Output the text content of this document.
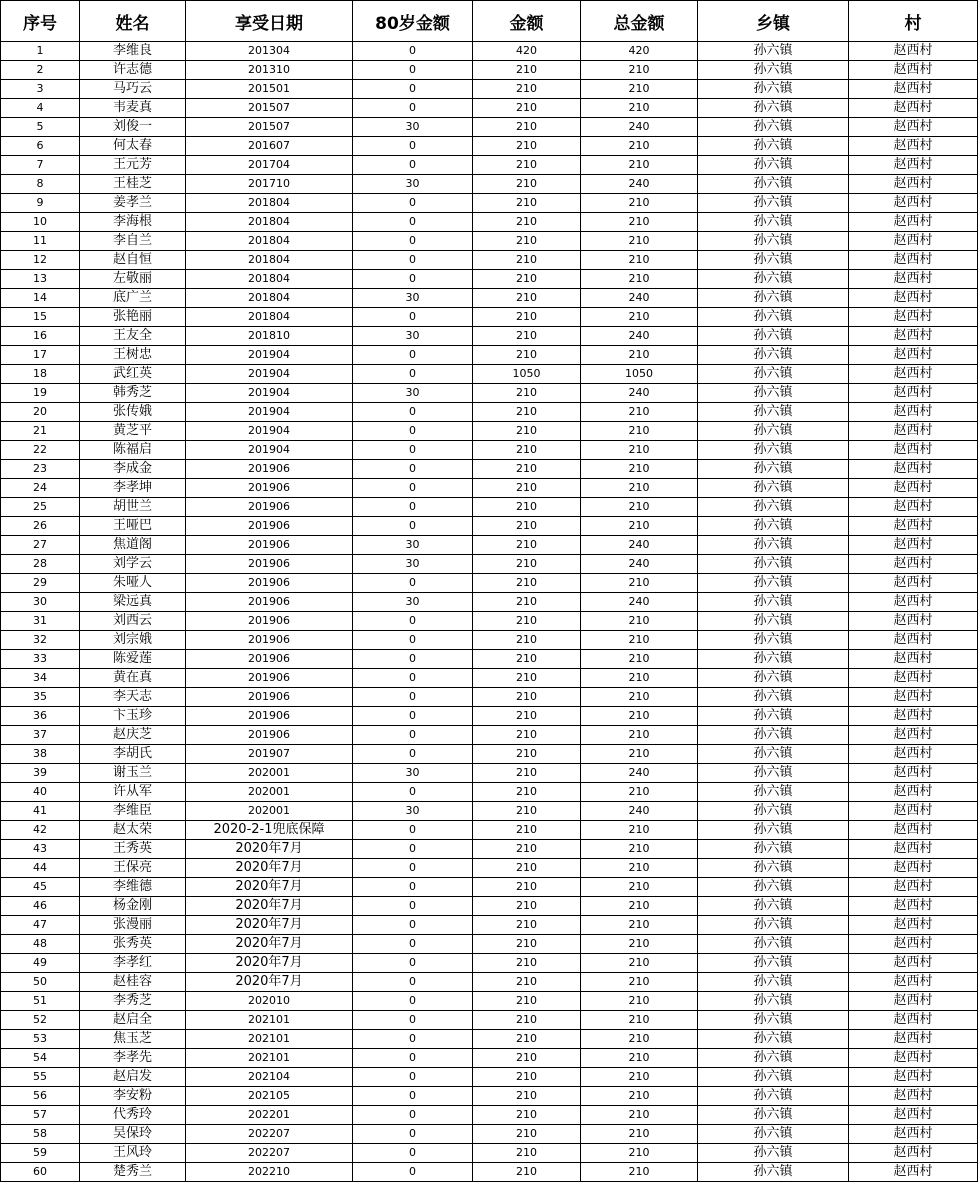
序号	姓名	享受日期	80岁金额	金额	总金额	乡镇	村
1	李维良	201304	0	420	420	孙六镇	赵西村
2	许志德	201310	0	210	210	孙六镇	赵西村
3	马巧云	201501	0	210	210	孙六镇	赵西村
4	韦麦真	201507	0	210	210	孙六镇	赵西村
5	刘俊一	201507	30	210	240	孙六镇	赵西村
6	何太春	201607	0	210	210	孙六镇	赵西村
7	王元芳	201704	0	210	210	孙六镇	赵西村
8	王桂芝	201710	30	210	240	孙六镇	赵西村
9	姜孝兰	201804	0	210	210	孙六镇	赵西村
10	李海根	201804	0	210	210	孙六镇	赵西村
11	李自兰	201804	0	210	210	孙六镇	赵西村
12	赵自恒	201804	0	210	210	孙六镇	赵西村
13	左敬丽	201804	0	210	210	孙六镇	赵西村
14	底广兰	201804	30	210	240	孙六镇	赵西村
15	张艳丽	201804	0	210	210	孙六镇	赵西村
16	王友全	201810	30	210	240	孙六镇	赵西村
17	王树忠	201904	0	210	210	孙六镇	赵西村
18	武红英	201904	0	1050	1050	孙六镇	赵西村
19	韩秀芝	201904	30	210	240	孙六镇	赵西村
20	张传娥	201904	0	210	210	孙六镇	赵西村
21	黄芝平	201904	0	210	210	孙六镇	赵西村
22	陈福启	201904	0	210	210	孙六镇	赵西村
23	李成金	201906	0	210	210	孙六镇	赵西村
24	李孝坤	201906	0	210	210	孙六镇	赵西村
25	胡世兰	201906	0	210	210	孙六镇	赵西村
26	王哑巴	201906	0	210	210	孙六镇	赵西村
27	焦道阁	201906	30	210	240	孙六镇	赵西村
28	刘学云	201906	30	210	240	孙六镇	赵西村
29	朱哑人	201906	0	210	210	孙六镇	赵西村
30	梁远真	201906	30	210	240	孙六镇	赵西村
31	刘西云	201906	0	210	210	孙六镇	赵西村
32	刘宗娥	201906	0	210	210	孙六镇	赵西村
33	陈爱莲	201906	0	210	210	孙六镇	赵西村
34	黄在真	201906	0	210	210	孙六镇	赵西村
35	李天志	201906	0	210	210	孙六镇	赵西村
36	卞玉珍	201906	0	210	210	孙六镇	赵西村
37	赵庆芝	201906	0	210	210	孙六镇	赵西村
38	李胡氏	201907	0	210	210	孙六镇	赵西村
39	谢玉兰	202001	30	210	240	孙六镇	赵西村
40	许从军	202001	0	210	210	孙六镇	赵西村
41	李维臣	202001	30	210	240	孙六镇	赵西村
42	赵太荣	2020-2-1兜底保障	0	210	210	孙六镇	赵西村
43	王秀英	2020年7月	0	210	210	孙六镇	赵西村
44	王保亮	2020年7月	0	210	210	孙六镇	赵西村
45	李维德	2020年7月	0	210	210	孙六镇	赵西村
46	杨金刚	2020年7月	0	210	210	孙六镇	赵西村
47	张漫丽	2020年7月	0	210	210	孙六镇	赵西村
48	张秀英	2020年7月	0	210	210	孙六镇	赵西村
49	李孝红	2020年7月	0	210	210	孙六镇	赵西村
50	赵桂容	2020年7月	0	210	210	孙六镇	赵西村
51	李秀芝	202010	0	210	210	孙六镇	赵西村
52	赵启全	202101	0	210	210	孙六镇	赵西村
53	焦玉芝	202101	0	210	210	孙六镇	赵西村
54	李孝先	202101	0	210	210	孙六镇	赵西村
55	赵启发	202104	0	210	210	孙六镇	赵西村
56	李安粉	202105	0	210	210	孙六镇	赵西村
57	代秀玲	202201	0	210	210	孙六镇	赵西村
58	吴保玲	202207	0	210	210	孙六镇	赵西村
59	王风玲	202207	0	210	210	孙六镇	赵西村
60	楚秀兰	202210	0	210	210	孙六镇	赵西村
